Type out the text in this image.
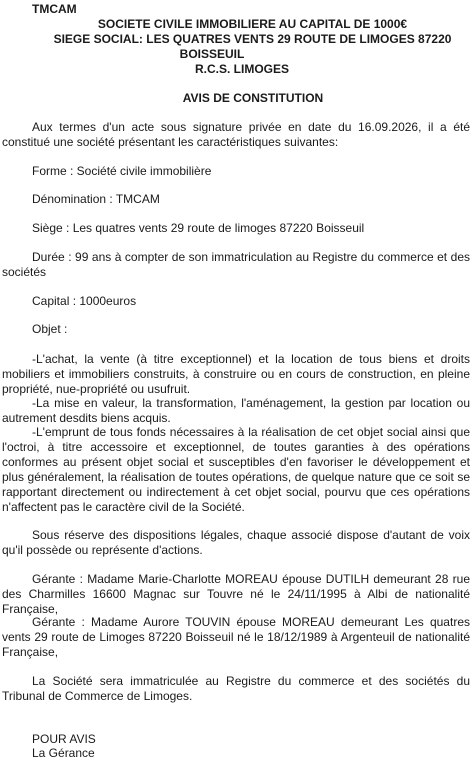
TMCAM
SOCIETE CIVILE IMMOBILIERE AU CAPITAL DE 1000€
SIEGE SOCIAL: LES QUATRES VENTS 29 ROUTE DE LIMOGES 87220
BOISSEUIL
R.C.S. LIMOGES
AVIS DE CONSTITUTION

Aux termes d'un acte sous signature privée en date du 16.09.2026, il a été constitué une société présentant les caractéristiques suivantes:

Forme : Société civile immobilière

Dénomination : TMCAM

Siège : Les quatres vents 29 route de limoges 87220 Boisseuil

Durée : 99 ans à compter de son immatriculation au Registre du commerce et des sociétés

Capital : 1000euros

Objet :

-L'achat, la vente (à titre exceptionnel) et la location de tous biens et droits mobiliers et immobiliers construits, à construire ou en cours de construction, en pleine propriété, nue-propriété ou usufruit.

-La mise en valeur, la transformation, l'aménagement, la gestion par location ou autrement desdits biens acquis.

-L'emprunt de tous fonds nécessaires à la réalisation de cet objet social ainsi que l'octroi, à titre accessoire et exceptionnel, de toutes garanties à des opérations conformes au présent objet social et susceptibles d'en favoriser le développement et plus généralement, la réalisation de toutes opérations, de quelque nature que ce soit se rapportant directement ou indirectement à cet objet social, pourvu que ces opérations n'affectent pas le caractère civil de la Société.

Sous réserve des dispositions légales, chaque associé dispose d'autant de voix qu'il possède ou représente d'actions.

Gérante : Madame Marie-Charlotte MOREAU épouse DUTILH demeurant 28 rue des Charmilles 16600 Magnac sur Touvre né le 24/11/1995 à Albi de nationalité Française,

Gérante : Madame Aurore TOUVIN épouse MOREAU demeurant Les quatres vents 29 route de Limoges 87220 Boisseuil né le 18/12/1989 à Argenteuil de nationalité Française,

La Société sera immatriculée au Registre du commerce et des sociétés du Tribunal de Commerce de Limoges.

POUR AVIS

La Gérance
